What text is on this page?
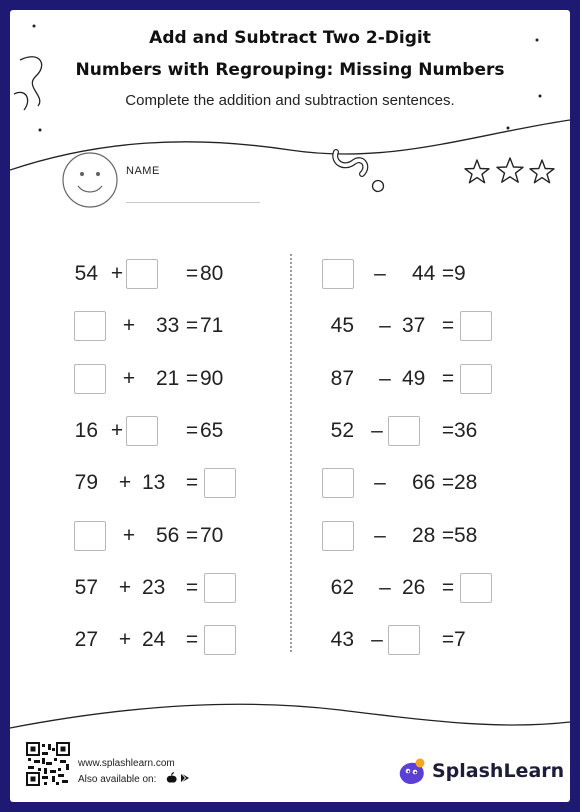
Add and Subtract Two 2-Digit
Numbers with Regrouping: Missing Numbers
Complete the addition and subtraction sentences.
NAME
54 +	= 80
+ 33 = 71
+ 21 = 90
16 +	= 65
79 + 13 =
+ 56 = 70
57 + 23 =
27 + 24 =
– 44 = 9
45 – 37 =
87 – 49 =
52 –	= 36
– 66 = 28
– 28 = 58
62 – 26 =
43 –	= 7
www.splashlearn.com
Also available on:	SplashLearn
